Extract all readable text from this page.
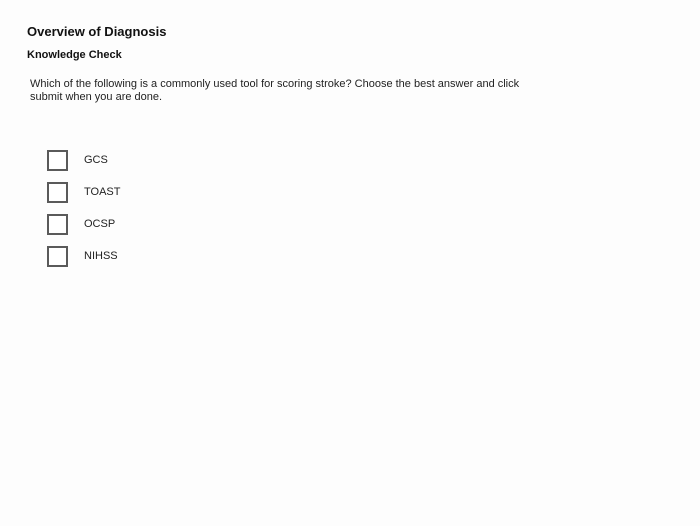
Overview of Diagnosis
Knowledge Check

Which of the following is a commonly used tool for scoring stroke? Choose the best answer and click submit when you are done.

GCS
TOAST
OCSP
NIHSS
